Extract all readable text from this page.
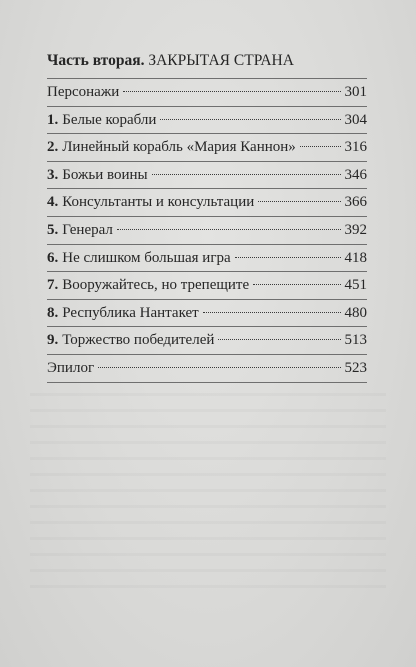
Часть вторая. ЗАКРЫТАЯ СТРАНА
Персонажи	301
1. Белые корабли	304
2. Линейный корабль «Мария Каннон»	316
3. Божьи воины	346
4. Консультанты и консультации	366
5. Генерал	392
6. Не слишком большая игра	418
7. Вооружайтесь, но трепещите	451
8. Республика Нантакет	480
9. Торжество победителей	513
Эпилог	523
